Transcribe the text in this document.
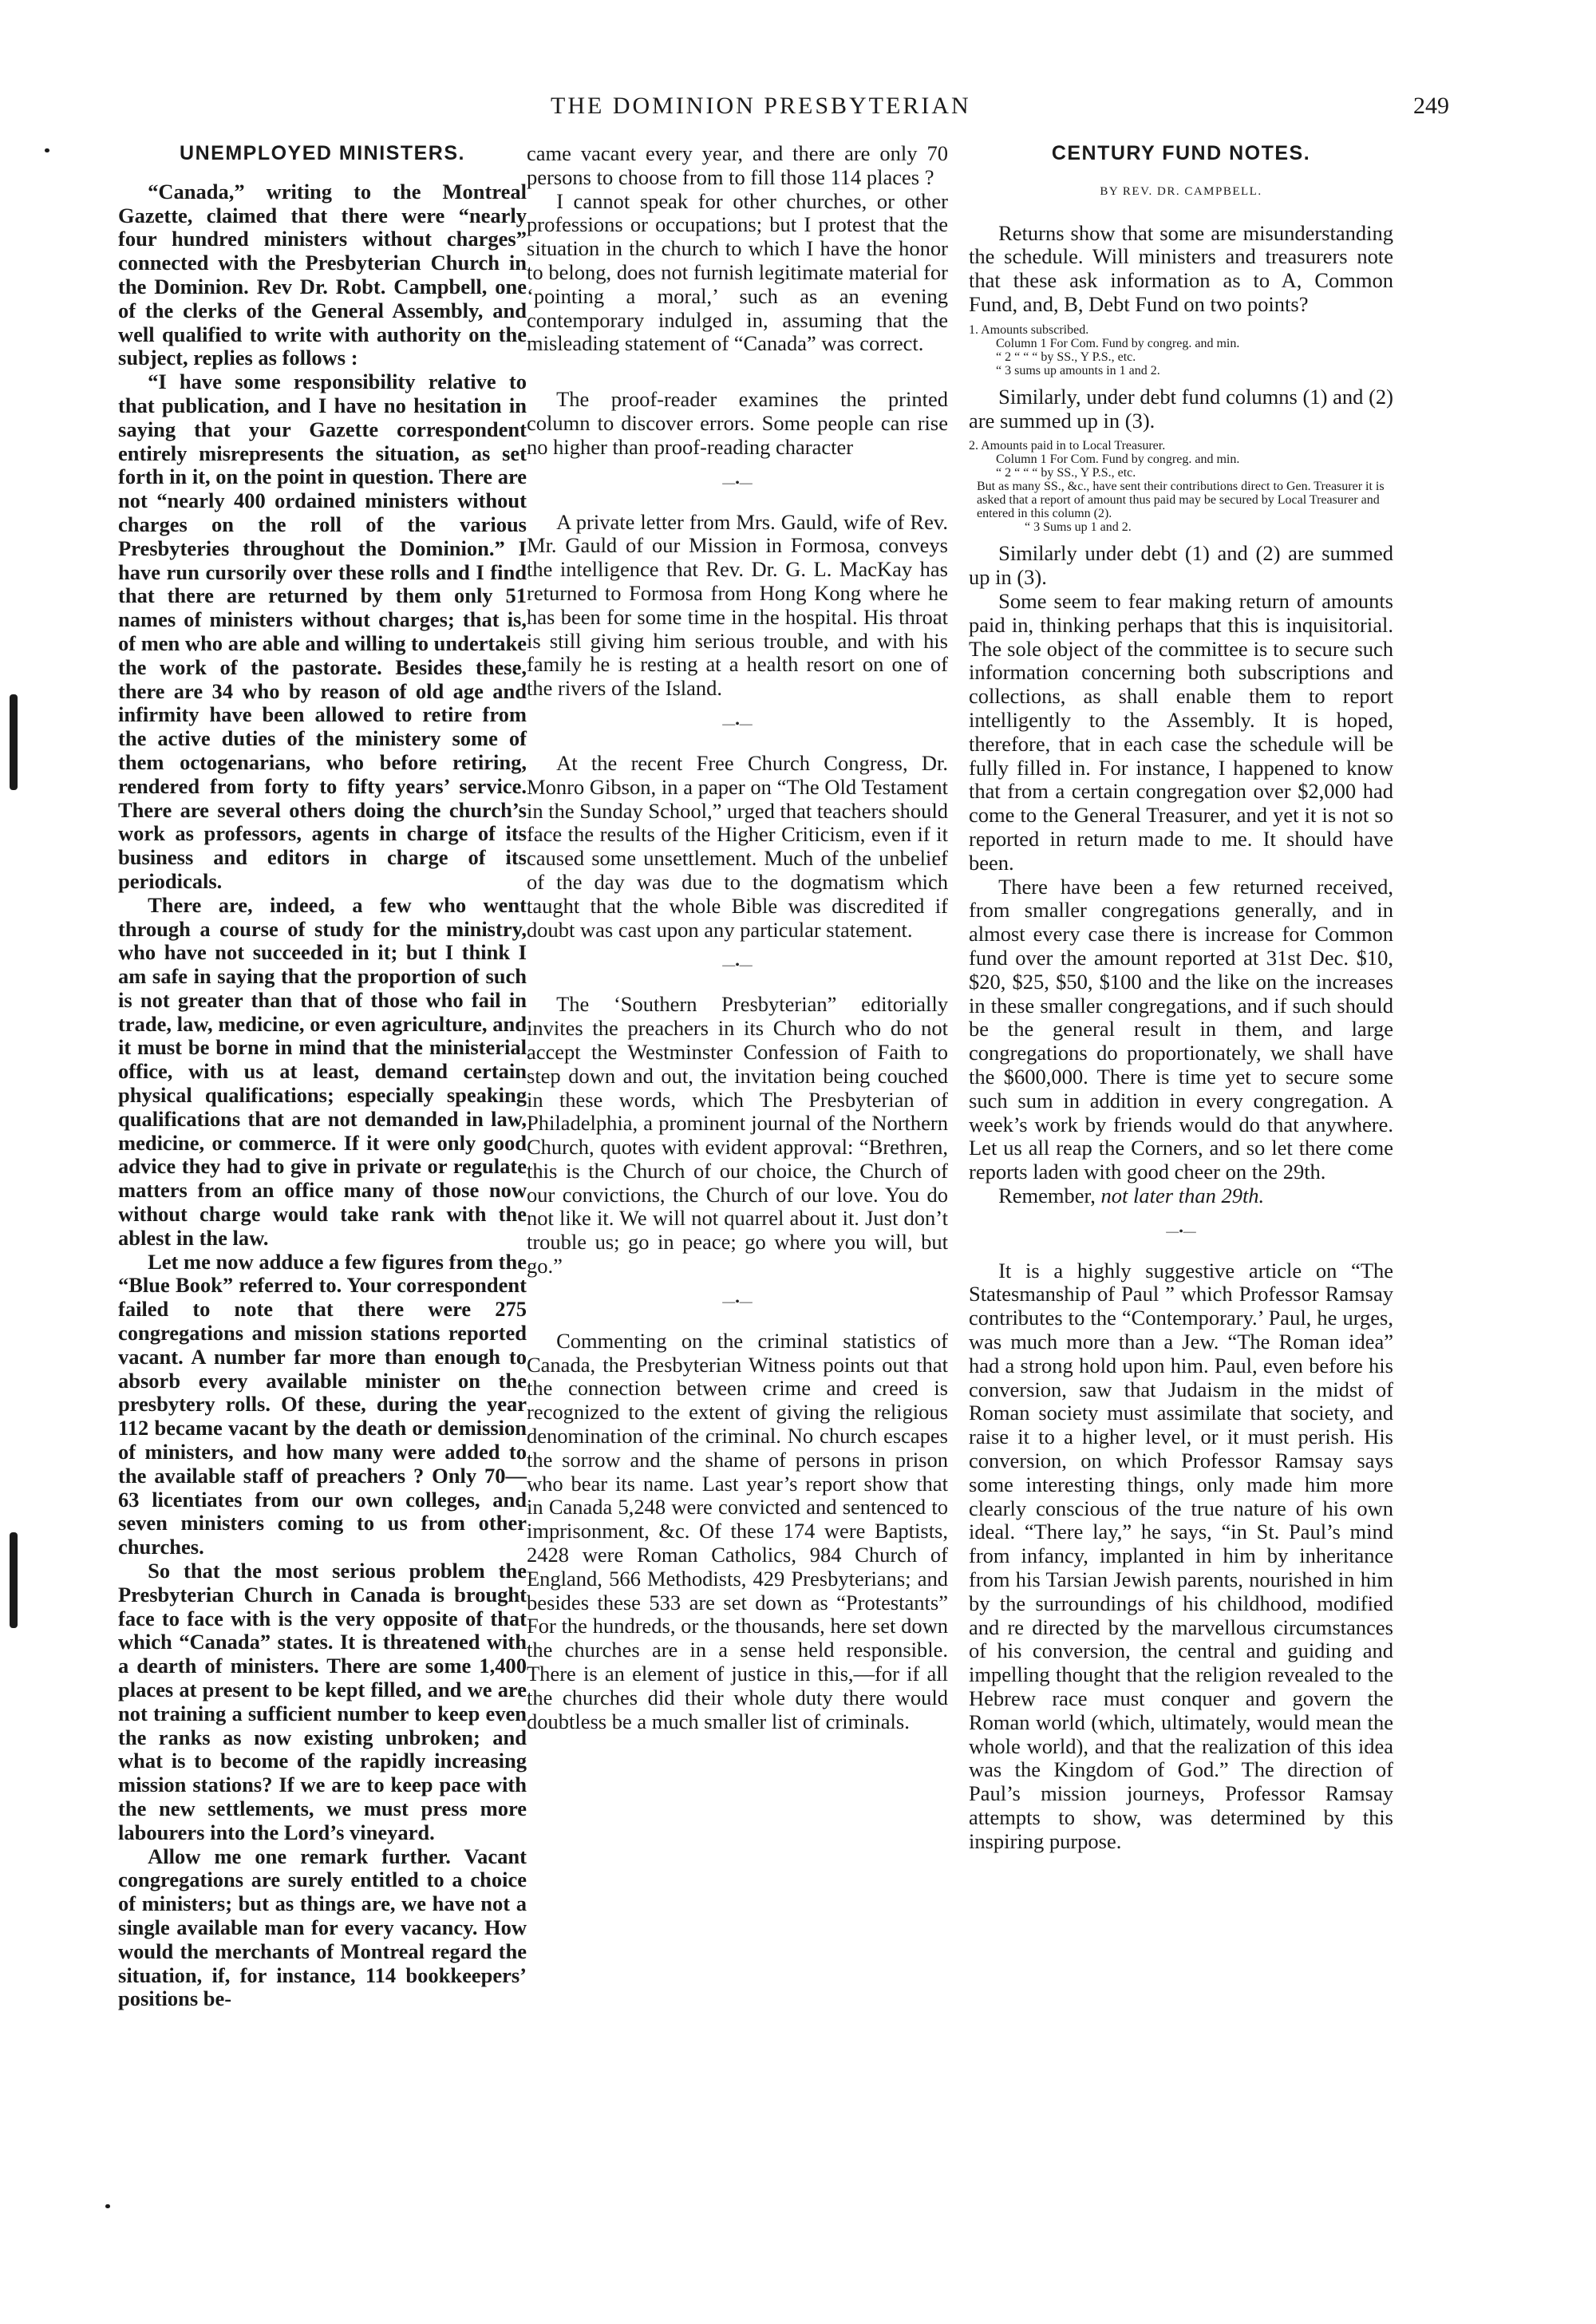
THE DOMINION PRESBYTERIAN	249
UNEMPLOYED MINISTERS.

“Canada,” writing to the Montreal Gazette, claimed that there were “nearly four hundred ministers without charges” connected with the Presbyterian Church in the Dominion. Rev Dr. Robt. Campbell, one of the clerks of the General Assembly, and well qualified to write with authority on the subject, replies as follows :

“I have some responsibility relative to that publication, and I have no hesitation in saying that your Gazette correspondent entirely misrepresents the situation, as set forth in it, on the point in question. There are not “nearly 400 ordained ministers without charges on the roll of the various Presbyteries throughout the Dominion.” I have run cursorily over these rolls and I find that there are returned by them only 51 names of ministers without charges; that is, of men who are able and willing to undertake the work of the pastorate. Besides these, there are 34 who by reason of old age and infirmity have been allowed to retire from the active duties of the ministery some of them octogenarians, who before retiring, rendered from forty to fifty years’ service. There are several others doing the church’s work as professors, agents in charge of its business and editors in charge of its periodicals.

There are, indeed, a few who went through a course of study for the ministry, who have not succeeded in it; but I think I am safe in saying that the proportion of such is not greater than that of those who fail in trade, law, medicine, or even agriculture, and it must be borne in mind that the ministerial office, with us at least, demand certain physical qualifications; especially speaking qualifications that are not demanded in law, medicine, or commerce. If it were only good advice they had to give in private or regulate matters from an office many of those now without charge would take rank with the ablest in the law.

Let me now adduce a few figures from the “Blue Book” referred to. Your correspondent failed to note that there were 275 congregations and mission stations reported vacant. A number far more than enough to absorb every available minister on the presbytery rolls. Of these, during the year 112 became vacant by the death or demission of ministers, and how many were added to the available staff of preachers ? Only 70—63 licentiates from our own colleges, and seven ministers coming to us from other churches.

So that the most serious problem the Presbyterian Church in Canada is brought face to face with is the very opposite of that which “Canada” states. It is threatened with a dearth of ministers. There are some 1,400 places at present to be kept filled, and we are not training a sufficient number to keep even the ranks as now existing unbroken; and what is to become of the rapidly increasing mission stations? If we are to keep pace with the new settlements, we must press more labourers into the Lord’s vineyard.

Allow me one remark further. Vacant congregations are surely entitled to a choice of ministers; but as things are, we have not a single available man for every vacancy. How would the merchants of Montreal regard the situation, if, for instance, 114 bookkeepers’ positions be-

came vacant every year, and there are only 70 persons to choose from to fill those 114 places ?

I cannot speak for other churches, or other professions or occupations; but I protest that the situation in the church to which I have the honor to belong, does not furnish legitimate material for ‘pointing a moral,’ such as an evening contemporary indulged in, assuming that the misleading statement of “Canada” was correct.

The proof-reader examines the printed column to discover errors. Some people can rise no higher than proof-reading character

—•—

A private letter from Mrs. Gauld, wife of Rev. Mr. Gauld of our Mission in Formosa, conveys the intelligence that Rev. Dr. G. L. MacKay has returned to Formosa from Hong Kong where he has been for some time in the hospital. His throat is still giving him serious trouble, and with his family he is resting at a health resort on one of the rivers of the Island.

—•—

At the recent Free Church Congress, Dr. Monro Gibson, in a paper on “The Old Testament in the Sunday School,” urged that teachers should face the results of the Higher Criticism, even if it caused some unsettlement. Much of the unbelief of the day was due to the dogmatism which taught that the whole Bible was discredited if doubt was cast upon any particular statement.

—•—

The ‘Southern Presbyterian” editorially invites the preachers in its Church who do not accept the Westminster Confession of Faith to step down and out, the invitation being couched in these words, which The Presbyterian of Philadelphia, a prominent journal of the Northern Church, quotes with evident approval: “Brethren, this is the Church of our choice, the Church of our convictions, the Church of our love. You do not like it. We will not quarrel about it. Just don’t trouble us; go in peace; go where you will, but go.”

—•—

Commenting on the criminal statistics of Canada, the Presbyterian Witness points out that the connection between crime and creed is recognized to the extent of giving the religious denomination of the criminal. No church escapes the sorrow and the shame of persons in prison who bear its name. Last year’s report show that in Canada 5,248 were convicted and sentenced to imprisonment, &c. Of these 174 were Baptists, 2428 were Roman Catholics, 984 Church of England, 566 Methodists, 429 Presbyterians; and besides these 533 are set down as “Protestants” For the hundreds, or the thousands, here set down the churches are in a sense held responsible. There is an element of justice in this,—for if all the churches did their whole duty there would doubtless be a much smaller list of criminals.

CENTURY FUND NOTES.
BY REV. DR. CAMPBELL.

Returns show that some are misunderstanding the schedule. Will ministers and treasurers note that these ask information as to A, Common Fund, and, B, Debt Fund on two points?

1. Amounts subscribed.

Column 1 For Com. Fund by congreg. and min.

“ 2 “ “ “ by SS., Y P.S., etc.

“ 3 sums up amounts in 1 and 2.

Similarly, under debt fund columns (1) and (2) are summed up in (3).

2. Amounts paid in to Local Treasurer.

Column 1 For Com. Fund by congreg. and min.

“ 2 “ “ “ by SS., Y P.S., etc.

But as many SS., &c., have sent their contributions direct to Gen. Treasurer it is asked that a report of amount thus paid may be secured by Local Treasurer and entered in this column (2).

“ 3 Sums up 1 and 2.

Similarly under debt (1) and (2) are summed up in (3).

Some seem to fear making return of amounts paid in, thinking perhaps that this is inquisitorial. The sole object of the committee is to secure such information concerning both subscriptions and collections, as shall enable them to report intelligently to the Assembly. It is hoped, therefore, that in each case the schedule will be fully filled in. For instance, I happened to know that from a certain congregation over $2,000 had come to the General Treasurer, and yet it is not so reported in return made to me. It should have been.

There have been a few returned received, from smaller congregations generally, and in almost every case there is increase for Common fund over the amount reported at 31st Dec. $10, $20, $25, $50, $100 and the like on the increases in these smaller congregations, and if such should be the general result in them, and large congregations do proportionately, we shall have the $600,000. There is time yet to secure some such sum in addition in every congregation. A week’s work by friends would do that anywhere. Let us all reap the Corners, and so let there come reports laden with good cheer on the 29th.

Remember, not later than 29th.

—•—

It is a highly suggestive article on “The Statesmanship of Paul ” which Professor Ramsay contributes to the “Contemporary.’ Paul, he urges, was much more than a Jew. “The Roman idea” had a strong hold upon him. Paul, even before his conversion, saw that Judaism in the midst of Roman society must assimilate that society, and raise it to a higher level, or it must perish. His conversion, on which Professor Ramsay says some interesting things, only made him more clearly conscious of the true nature of his own ideal. “There lay,” he says, “in St. Paul’s mind from infancy, implanted in him by inheritance from his Tarsian Jewish parents, nourished in him by the surroundings of his childhood, modified and re directed by the marvellous circumstances of his conversion, the central and guiding and impelling thought that the religion revealed to the Hebrew race must conquer and govern the Roman world (which, ultimately, would mean the whole world), and that the realization of this idea was the Kingdom of God.” The direction of Paul’s mission journeys, Professor Ramsay attempts to show, was determined by this inspiring purpose.
